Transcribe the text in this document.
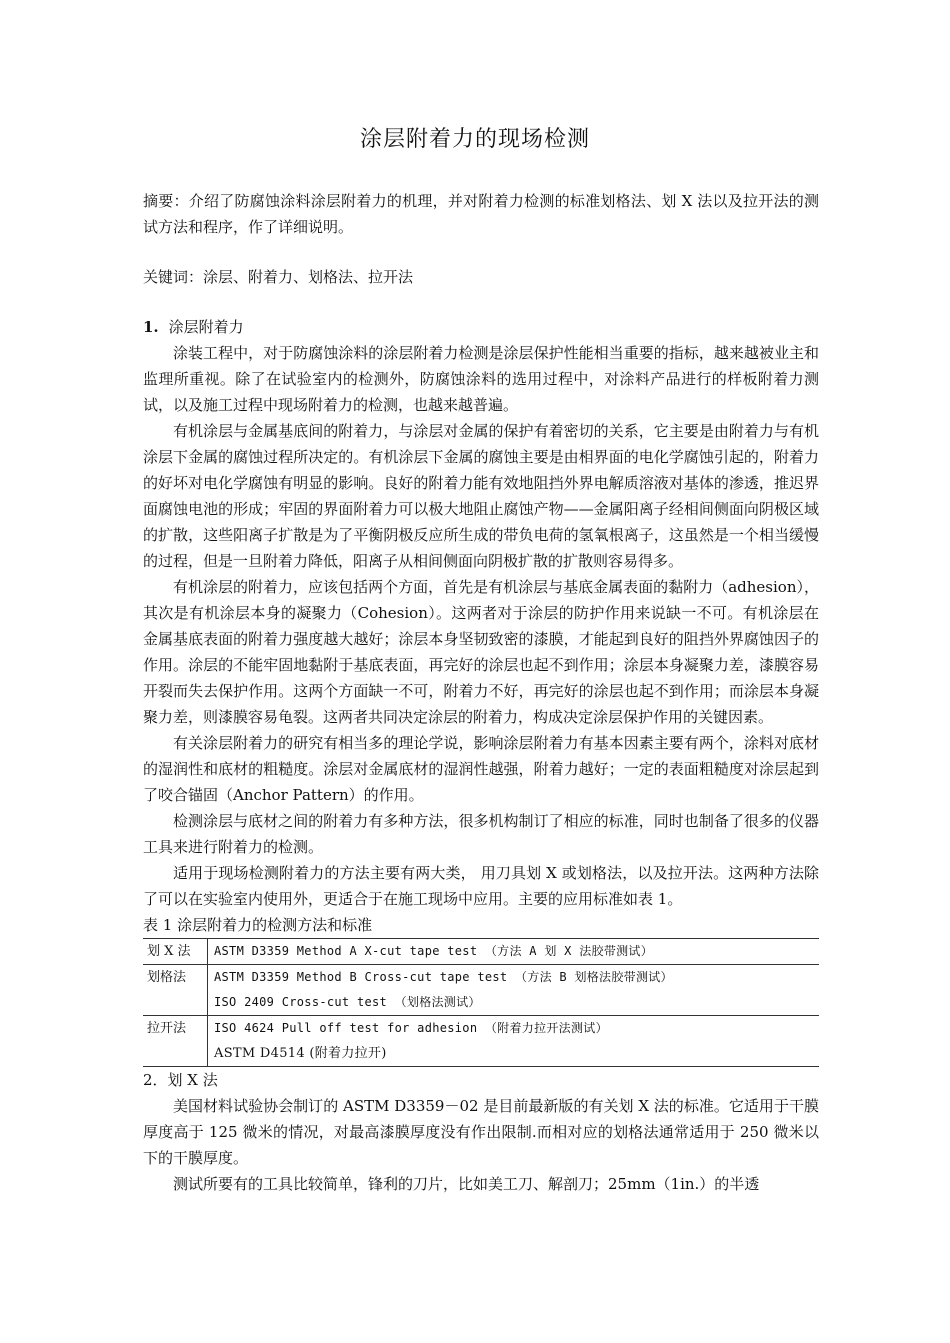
涂层附着力的现场检测
摘要：介绍了防腐蚀涂料涂层附着力的机理，并对附着力检测的标准划格法、划 X 法以及拉开法的测试方法和程序，作了详细说明。
关键词：涂层、附着力、划格法、拉开法

1. 涂层附着力

涂装工程中，对于防腐蚀涂料的涂层附着力检测是涂层保护性能相当重要的指标，越来越被业主和监理所重视。除了在试验室内的检测外，防腐蚀涂料的选用过程中，对涂料产品进行的样板附着力测试，以及施工过程中现场附着力的检测，也越来越普遍。

有机涂层与金属基底间的附着力，与涂层对金属的保护有着密切的关系，它主要是由附着力与有机涂层下金属的腐蚀过程所决定的。有机涂层下金属的腐蚀主要是由相界面的电化学腐蚀引起的，附着力的好坏对电化学腐蚀有明显的影响。良好的附着力能有效地阻挡外界电解质溶液对基体的渗透，推迟界面腐蚀电池的形成；牢固的界面附着力可以极大地阻止腐蚀产物——金属阳离子经相间侧面向阴极区域的扩散，这些阳离子扩散是为了平衡阴极反应所生成的带负电荷的氢氧根离子，这虽然是一个相当缓慢的过程，但是一旦附着力降低，阳离子从相间侧面向阴极扩散的扩散则容易得多。

有机涂层的附着力，应该包括两个方面，首先是有机涂层与基底金属表面的黏附力（adhesion），其次是有机涂层本身的凝聚力（Cohesion）。这两者对于涂层的防护作用来说缺一不可。有机涂层在金属基底表面的附着力强度越大越好；涂层本身坚韧致密的漆膜，才能起到良好的阻挡外界腐蚀因子的作用。涂层的不能牢固地黏附于基底表面，再完好的涂层也起不到作用；涂层本身凝聚力差，漆膜容易开裂而失去保护作用。这两个方面缺一不可，附着力不好，再完好的涂层也起不到作用；而涂层本身凝聚力差，则漆膜容易龟裂。这两者共同决定涂层的附着力，构成决定涂层保护作用的关键因素。

有关涂层附着力的研究有相当多的理论学说，影响涂层附着力有基本因素主要有两个，涂料对底材的湿润性和底材的粗糙度。涂层对金属底材的湿润性越强，附着力越好；一定的表面粗糙度对涂层起到了咬合锚固（Anchor Pattern）的作用。

检测涂层与底材之间的附着力有多种方法，很多机构制订了相应的标准，同时也制备了很多的仪器工具来进行附着力的检测。

适用于现场检测附着力的方法主要有两大类， 用刀具划 X 或划格法，以及拉开法。这两种方法除了可以在实验室内使用外，更适合于在施工现场中应用。主要的应用标准如表 1。

表 1 涂层附着力的检测方法和标准

划 X 法	ASTM D3359 Method A X-cut tape test （方法 A 划 X 法胶带测试）
划格法	ASTM D3359 Method B Cross-cut tape test （方法 B 划格法胶带测试）
	ISO 2409 Cross-cut test （划格法测试）
拉开法	ISO 4624 Pull off test for adhesion （附着力拉开法测试）
	ASTM D4514 (附着力拉开)

2．划 X 法

美国材料试验协会制订的 ASTM D3359－02 是目前最新版的有关划 X 法的标准。它适用于干膜厚度高于 125 微米的情况，对最高漆膜厚度没有作出限制.而相对应的划格法通常适用于 250 微米以下的干膜厚度。

测试所要有的工具比较简单，锋利的刀片，比如美工刀、解剖刀；25mm（1in.）的半透
